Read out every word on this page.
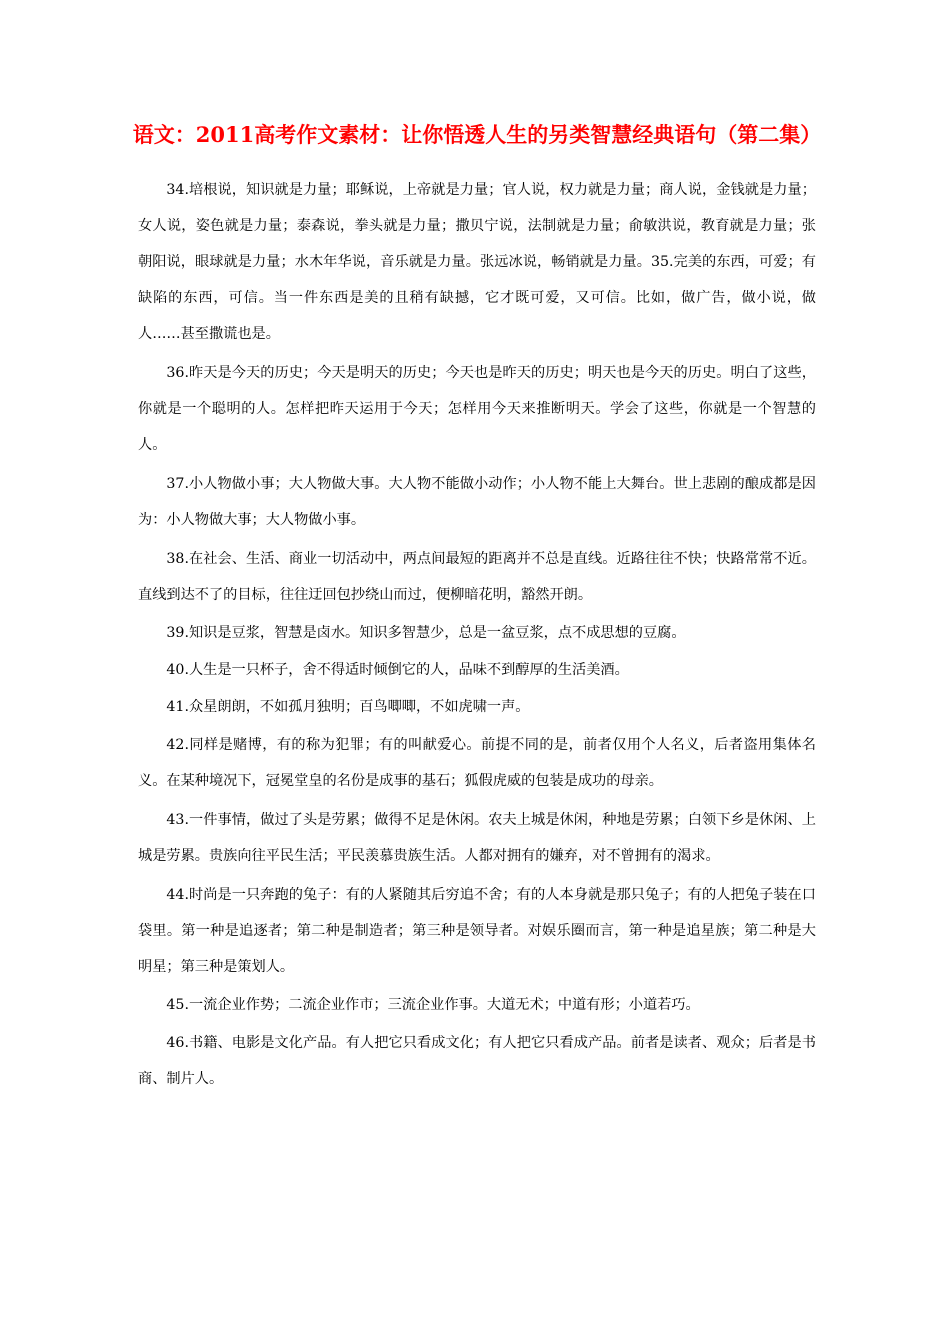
语文：2011高考作文素材：让你悟透人生的另类智慧经典语句（第二集）

34.培根说，知识就是力量；耶稣说，上帝就是力量；官人说，权力就是力量；商人说，金钱就是力量；女人说，姿色就是力量；泰森说，拳头就是力量；撒贝宁说，法制就是力量；俞敏洪说，教育就是力量；张朝阳说，眼球就是力量；水木年华说，音乐就是力量。张远冰说，畅销就是力量。35.完美的东西，可爱；有缺陷的东西，可信。当一件东西是美的且稍有缺撼，它才既可爱，又可信。比如，做广告，做小说，做人……甚至撒谎也是。

36.昨天是今天的历史；今天是明天的历史；今天也是昨天的历史；明天也是今天的历史。明白了这些，你就是一个聪明的人。怎样把昨天运用于今天；怎样用今天来推断明天。学会了这些，你就是一个智慧的人。

37.小人物做小事；大人物做大事。大人物不能做小动作；小人物不能上大舞台。世上悲剧的酿成都是因为：小人物做大事；大人物做小事。

38.在社会、生活、商业一切活动中，两点间最短的距离并不总是直线。近路往往不快；快路常常不近。直线到达不了的目标，往往迂回包抄绕山而过，便柳暗花明，豁然开朗。

39.知识是豆浆，智慧是卤水。知识多智慧少，总是一盆豆浆，点不成思想的豆腐。

40.人生是一只杯子，舍不得适时倾倒它的人，品味不到醇厚的生活美酒。

41.众星朗朗，不如孤月独明；百鸟唧唧，不如虎啸一声。

42.同样是赌博，有的称为犯罪；有的叫献爱心。前提不同的是，前者仅用个人名义，后者盗用集体名义。在某种境况下，冠冕堂皇的名份是成事的基石；狐假虎威的包装是成功的母亲。

43.一件事情，做过了头是劳累；做得不足是休闲。农夫上城是休闲，种地是劳累；白领下乡是休闲、上城是劳累。贵族向往平民生活；平民羡慕贵族生活。人都对拥有的嫌弃，对不曾拥有的渴求。

44.时尚是一只奔跑的兔子：有的人紧随其后穷追不舍；有的人本身就是那只兔子；有的人把兔子装在口袋里。第一种是追逐者；第二种是制造者；第三种是领导者。对娱乐圈而言，第一种是追星族；第二种是大明星；第三种是策划人。

45.一流企业作势；二流企业作市；三流企业作事。大道无术；中道有形；小道若巧。

46.书籍、电影是文化产品。有人把它只看成文化；有人把它只看成产品。前者是读者、观众；后者是书商、制片人。
